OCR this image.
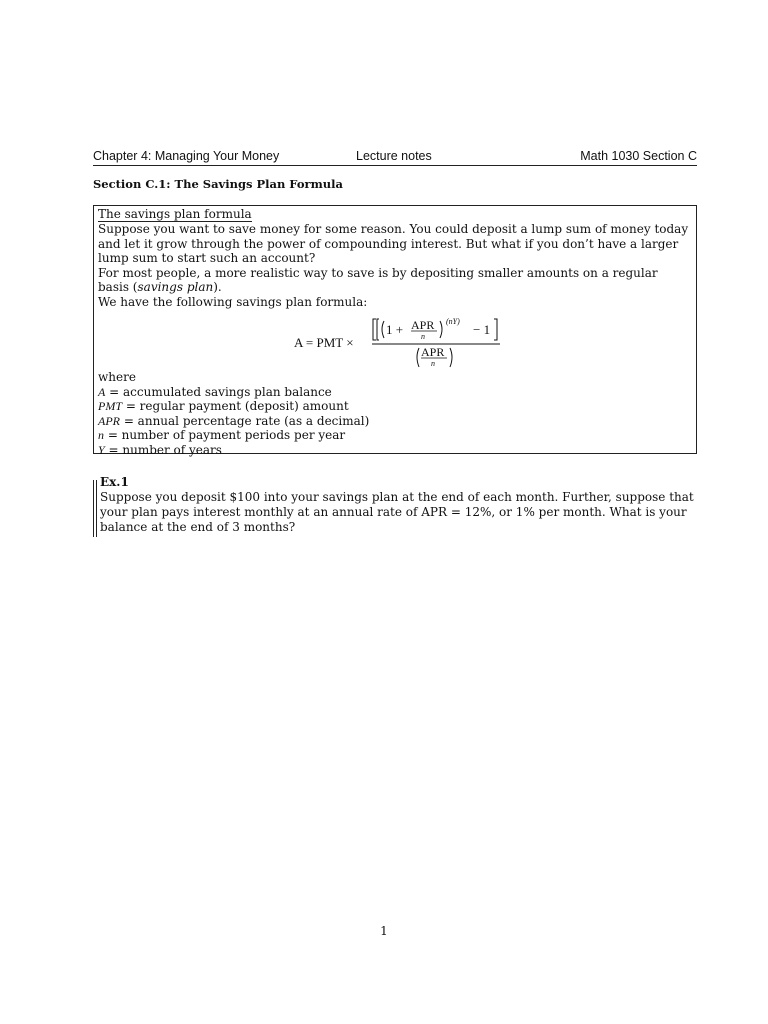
Chapter 4: Managing Your Money	Lecture notes	Math 1030 Section C
Section C.1: The Savings Plan Formula
The savings plan formula

Suppose you want to save money for some reason. You could deposit a lump sum of money today and let it grow through the power of compounding interest. But what if you don’t have a larger lump sum to start such an account?

For most people, a more realistic way to save is by depositing smaller amounts on a regular basis (savings plan).

We have the following savings plan formula:

A = PMT ×
1 + APR
n
(nY)
− 1
APR
n

where

A = accumulated savings plan balance

PMT = regular payment (deposit) amount

APR = annual percentage rate (as a decimal)

n = number of payment periods per year

Y = number of years

Ex.1
Suppose you deposit $100 into your savings plan at the end of each month. Further, suppose that your plan pays interest monthly at an annual rate of APR = 12%, or 1% per month. What is your balance at the end of 3 months?
1
